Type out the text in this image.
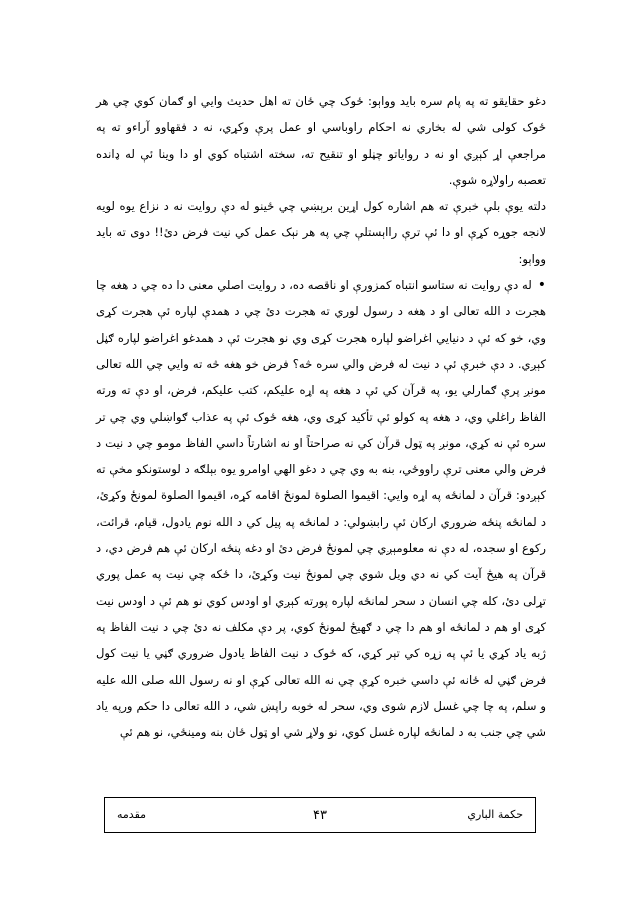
دغو حقايقو ته په پام سره بايد وواېو: ځوک چي ځان ته اهل حديث وايي او ګمان کوي چي هر ځوک کولی شي له بخاري نه احکام راوباسي او عمل پرې وکړي، نه د فقهاوو آراءو ته په مراجعې اړ کېږي او نه د روایاتو چڼلو او تنقيح ته، سخته اشتباه کوي او دا وينا ئې له ډانده تعصبه راولاړه شوې.

دلته يوې بلې خبرې ته هم اشاره کول اړين برېښي چي ځينو له دې روايت نه د نزاع يوه لويه لانجه جوړه کړې او دا ئې ترې رااېستلې چي په هر نېک عمل کي نيت فرض دئ!! دوی ته بايد وواېو:

•له دې روايت نه ستاسو انتباه کمزورې او ناقصه ده، د روايت اصلي معنی دا ده چي د هغه چا هجرت د الله تعالی او د هغه د رسول لوري ته هجرت دئ چي د همدې لپاره ئې هجرت کړی وي، خو که ئې د دنيايي اغراضو لپاره هجرت کړی وي نو هجرت ئې د همدغو اغراضو لپاره ګڼل کېږي. د دې خبرې ئې د نيت له فرض والي سره څه؟ فرض خو هغه څه ته وايي چي الله تعالی مونږ پرې ګمارلي يو، په قرآن کي ئې د هغه په اړه عليکم، کتب عليکم، فرض، او دې ته ورته الفاظ راغلي وي، د هغه په کولو ئې تأکيد کړی وي، هغه ځوک ئې په عذاب ګواښلي وي چي تر سره ئې نه کړي، مونږ په ټول قرآن کي نه صراحتاً او نه اشارتاً داسي الفاظ مومو چي د نيت د فرض والي معنی ترې راووځي، بنه به وي چي د دغو الهي اوامرو يوه بېلګه د لوستونکو مخې ته کېږدو: قرآن د لمانځه په اړه وايي: اقيموا الصلوة لمونځ اقامه کړه، اقيموا الصلوة لمونځ وکړئ، د لمانځه پنځه ضروري ارکان ئې رابښولي: د لمانځه په پيل کي د الله نوم يادول، قيام، قرائت، رکوع او سجده، له دې نه معلومېږي چي لمونځ فرض دئ او دغه پنځه ارکان ئې هم فرض دي، د قرآن په هيڅ آيت کي نه دي ويل شوي چي لمونځ نيت وکړئ، دا ځکه چي نيت په عمل پوري تړلی دئ، کله چي انسان د سحر لمانځه لپاره پورته کېږي او اودس کوي نو هم ئې د اودس نيت کړی او هم د لمانځه او هم دا چي د ګهيځ لمونځ کوي، پر دې مکلف نه دئ چي د نيت الفاظ په ژبه ياد کړي يا ئې په زړه کي تېر کړي، که ځوک د نيت الفاظ يادول ضروري ګڼي يا نيت کول فرض ګڼي له ځانه ئې داسي خبره کړې چي نه الله تعالی کړې او نه رسول الله صلی الله عليه و سلم، په چا چي غسل لازم شوی وي، سحر له خوبه راپښ شي، د الله تعالی دا حکم ورپه ياد شي چي جنب به د لمانځه لپاره غسل کوي، نو ولاړ شي او ټول ځان بنه ومينځي، نو هم ئې

حکمة الباري
۴۳
مقدمه
